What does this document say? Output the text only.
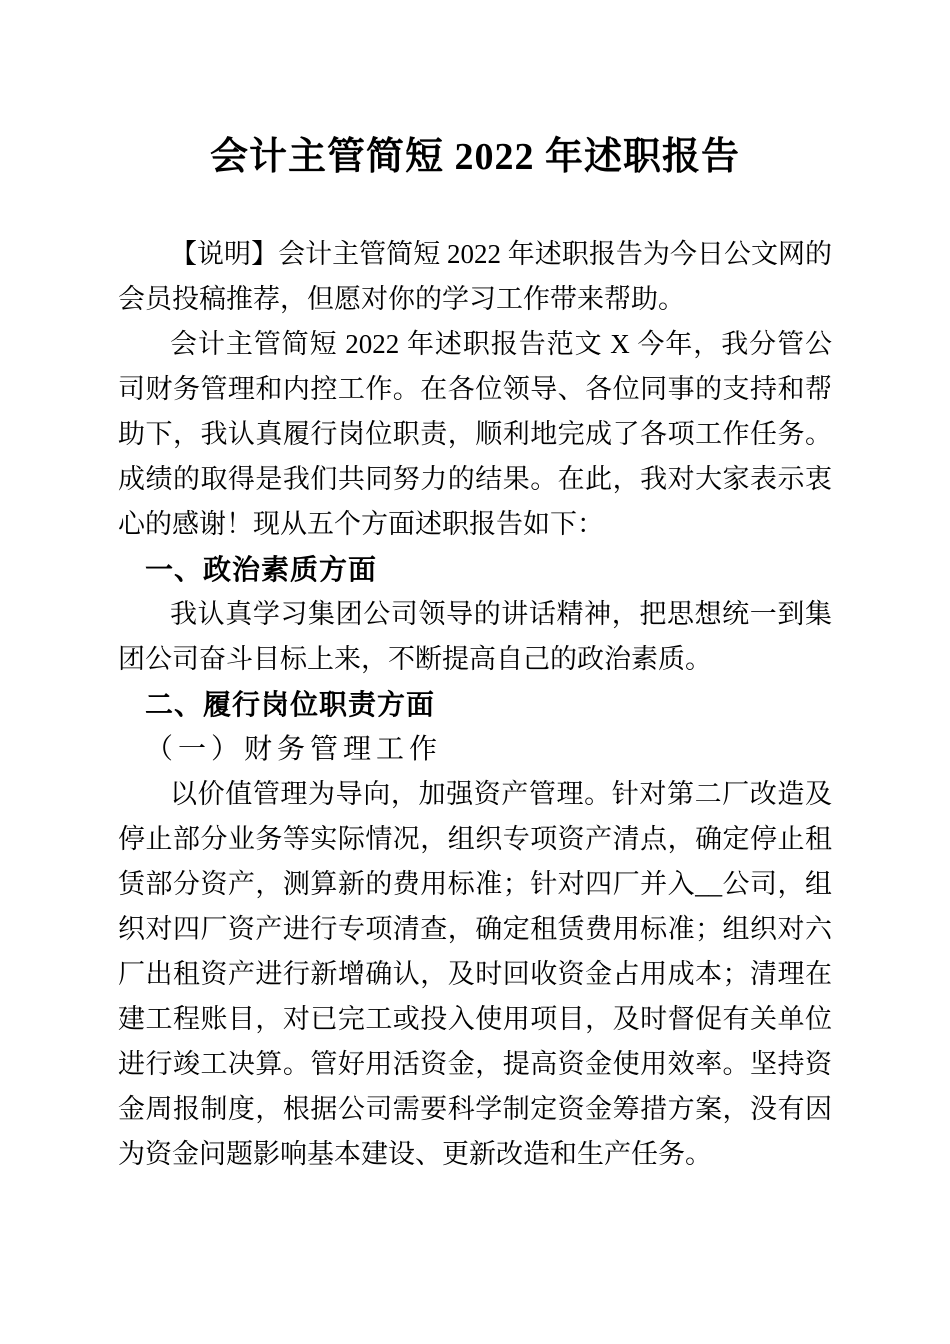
会计主管简短 2022 年述职报告

【说明】会计主管简短 2022 年述职报告为今日公文网的会员投稿推荐，但愿对你的学习工作带来帮助。

会计主管简短 2022 年述职报告范文 X 今年，我分管公司财务管理和内控工作。在各位领导、各位同事的支持和帮助下，我认真履行岗位职责，顺利地完成了各项工作任务。成绩的取得是我们共同努力的结果。在此，我对大家表示衷心的感谢！现从五个方面述职报告如下：

一、政治素质方面

我认真学习集团公司领导的讲话精神，把思想统一到集团公司奋斗目标上来，不断提高自己的政治素质。

二、履行岗位职责方面

（一）财务管理工作

以价值管理为导向，加强资产管理。针对第二厂改造及停止部分业务等实际情况，组织专项资产清点，确定停止租赁部分资产，测算新的费用标准；针对四厂并入__公司，组织对四厂资产进行专项清查，确定租赁费用标准；组织对六厂出租资产进行新增确认，及时回收资金占用成本；清理在建工程账目，对已完工或投入使用项目，及时督促有关单位进行竣工决算。管好用活资金，提高资金使用效率。坚持资金周报制度，根据公司需要科学制定资金筹措方案，没有因为资金问题影响基本建设、更新改造和生产任务。
